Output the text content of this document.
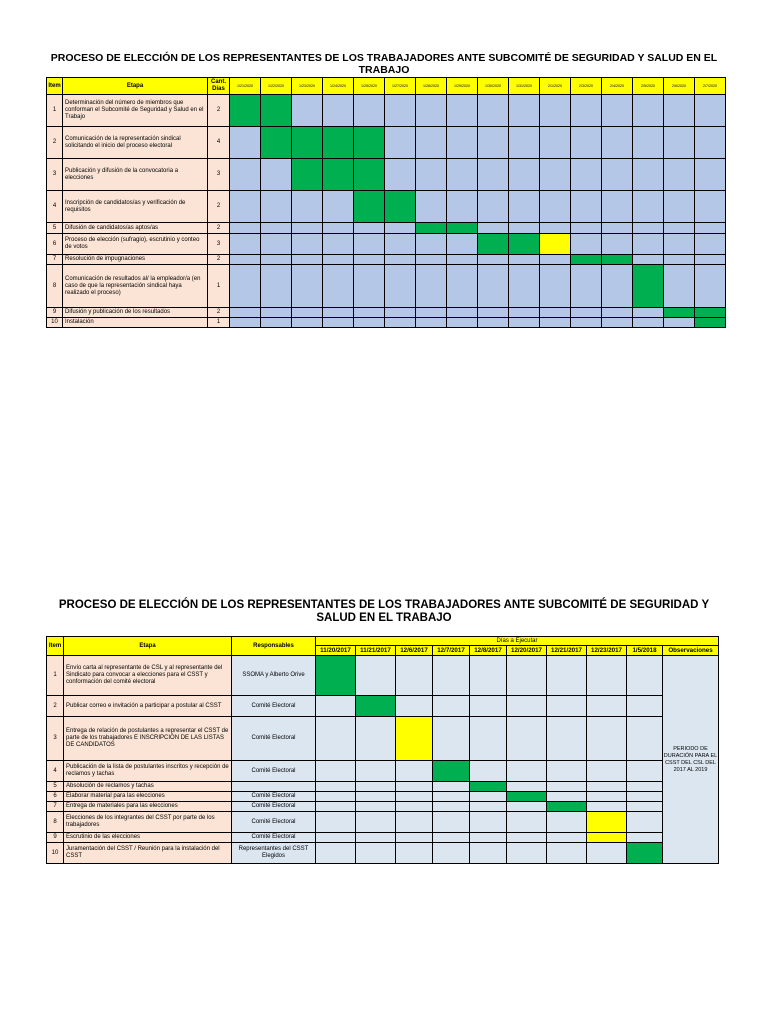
PROCESO DE ELECCIÓN DE LOS REPRESENTANTES DE LOS TRABAJADORES ANTE SUBCOMITÉ DE SEGURIDAD Y SALUD EN EL TRABAJO
Item	Etapa	Cant. Días	1/21/2020	1/22/2020	1/23/2020	1/24/2020	1/25/2020	1/27/2020	1/28/2020	1/29/2020	1/30/2020	1/31/2020	2/1/2020	2/3/2020	2/4/2020	2/5/2020	2/6/2020	2/7/2020
1	Determinación del número de miembros que conforman el Subcomité de Seguridad y Salud en el Trabajo	2																
2	Comunicación de la representación sindical solicitando el inicio del proceso electoral	4																
3	Publicación y difusión de la convocatoria a elecciones	3																
4	Inscripción de candidatos/as y verificación de requisitos	2																
5	Difusión de candidatos/as aptos/as	2																
6	Proceso de elección (sufragio), escrutinio y conteo de votos	3																
7	Resolución de impugnaciones	2																
8	Comunicación de resultados al/ la empleador/a (en caso de que la representación sindical haya realizado el proceso)	1																
9	Difusión y publicación de los resultados	2																
10	Instalación	1																
PROCESO DE ELECCIÓN DE LOS REPRESENTANTES DE LOS TRABAJADORES ANTE SUBCOMITÉ DE SEGURIDAD Y SALUD EN EL TRABAJO
Item	Etapa	Responsables	Días a Ejecutar									
			11/20/2017	11/21/2017	12/6/2017	12/7/2017	12/8/2017	12/20/2017	12/21/2017	12/23/2017	1/5/2018	Observaciones
1	Envío carta al representante de CSL y al representante del Sindicato para convocar a elecciones para el CSST y conformación del comité electoral	SSOMA y Alberto Orive										PERIODO DE DURACIÓN PARA EL CSST DEL CSL DEL 2017 AL 2019
2	Publicar correo e invitación a participar a postular al CSST	Comité Electoral										
3	Entrega de relación de postulantes a representar el CSST de parte de los trabajadores E INSCRIPCIÓN DE LAS LISTAS DE CANDIDATOS	Comité Electoral										
4	Publicación de la lista de postulantes inscritos y recepción de reclamos y tachas	Comité Electoral										
5	Absolución de reclamos y tachas											
6	Elaborar material para las elecciones	Comité Electoral										
7	Entrega de materiales para las elecciones	Comité Electoral										
8	Elecciones de los integrantes del CSST por parte de los trabajadores	Comité Electoral										
9	Escrutinio de las elecciones	Comité Electoral										
10	Juramentación del CSST / Reunión para la instalación del CSST	Representantes del CSST Elegidos										
